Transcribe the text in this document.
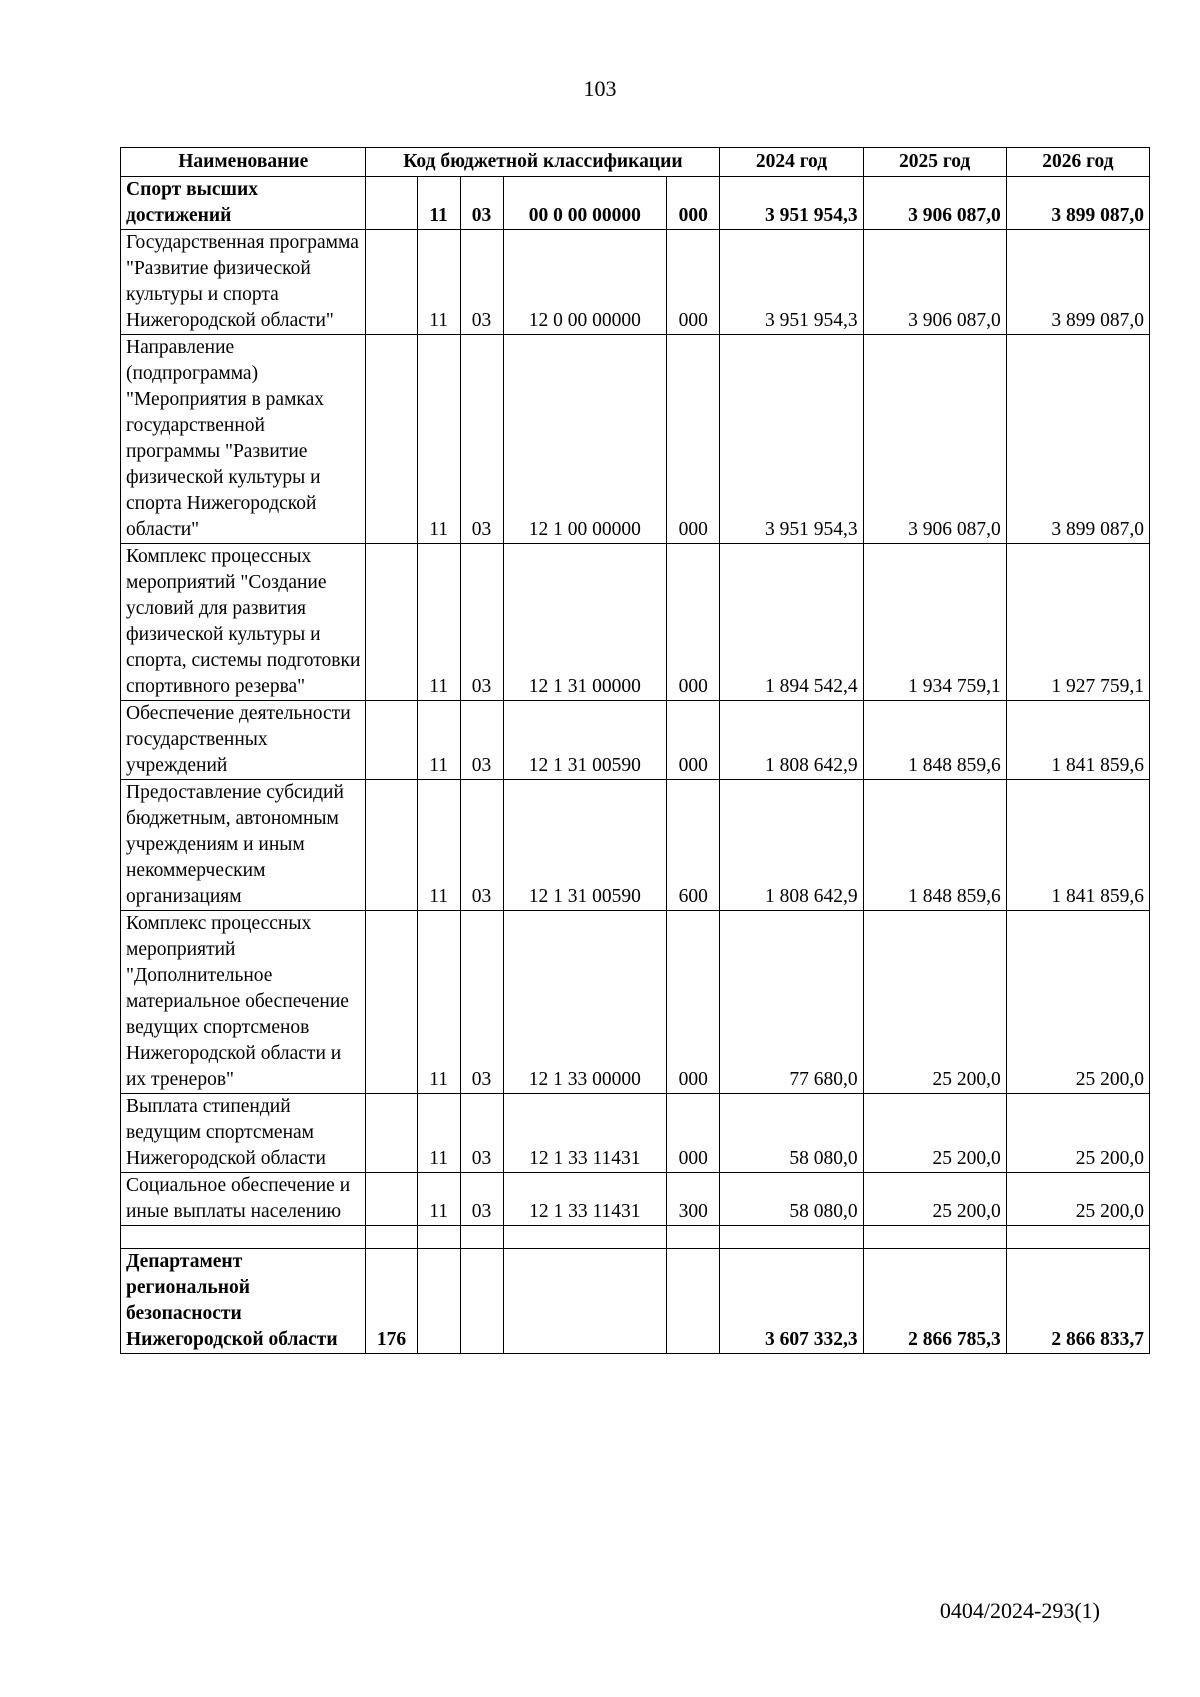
103
Наименование	Код бюджетной классификации					2024 год	2025 год	2026 год
Спорт высших достижений		11	03	00 0 00 00000	000	3 951 954,3	3 906 087,0	3 899 087,0
Государственная программа "Развитие физической культуры и спорта Нижегородской области"		11	03	12 0 00 00000	000	3 951 954,3	3 906 087,0	3 899 087,0
Направление (подпрограмма) "Мероприятия в рамках государственной программы "Развитие физической культуры и спорта Нижегородской области"		11	03	12 1 00 00000	000	3 951 954,3	3 906 087,0	3 899 087,0
Комплекс процессных мероприятий "Создание условий для развития физической культуры и спорта, системы подготовки спортивного резерва"		11	03	12 1 31 00000	000	1 894 542,4	1 934 759,1	1 927 759,1
Обеспечение деятельности государственных учреждений		11	03	12 1 31 00590	000	1 808 642,9	1 848 859,6	1 841 859,6
Предоставление субсидий бюджетным, автономным учреждениям и иным некоммерческим организациям		11	03	12 1 31 00590	600	1 808 642,9	1 848 859,6	1 841 859,6
Комплекс процессных мероприятий "Дополнительное материальное обеспечение ведущих спортсменов Нижегородской области и их тренеров"		11	03	12 1 33 00000	000	77 680,0	25 200,0	25 200,0
Выплата стипендий ведущим спортсменам Нижегородской области		11	03	12 1 33 11431	000	58 080,0	25 200,0	25 200,0
Социальное обеспечение и иные выплаты населению		11	03	12 1 33 11431	300	58 080,0	25 200,0	25 200,0

Департамент региональной безопасности Нижегородской области	176					3 607 332,3	2 866 785,3	2 866 833,7
0404/2024-293(1)
